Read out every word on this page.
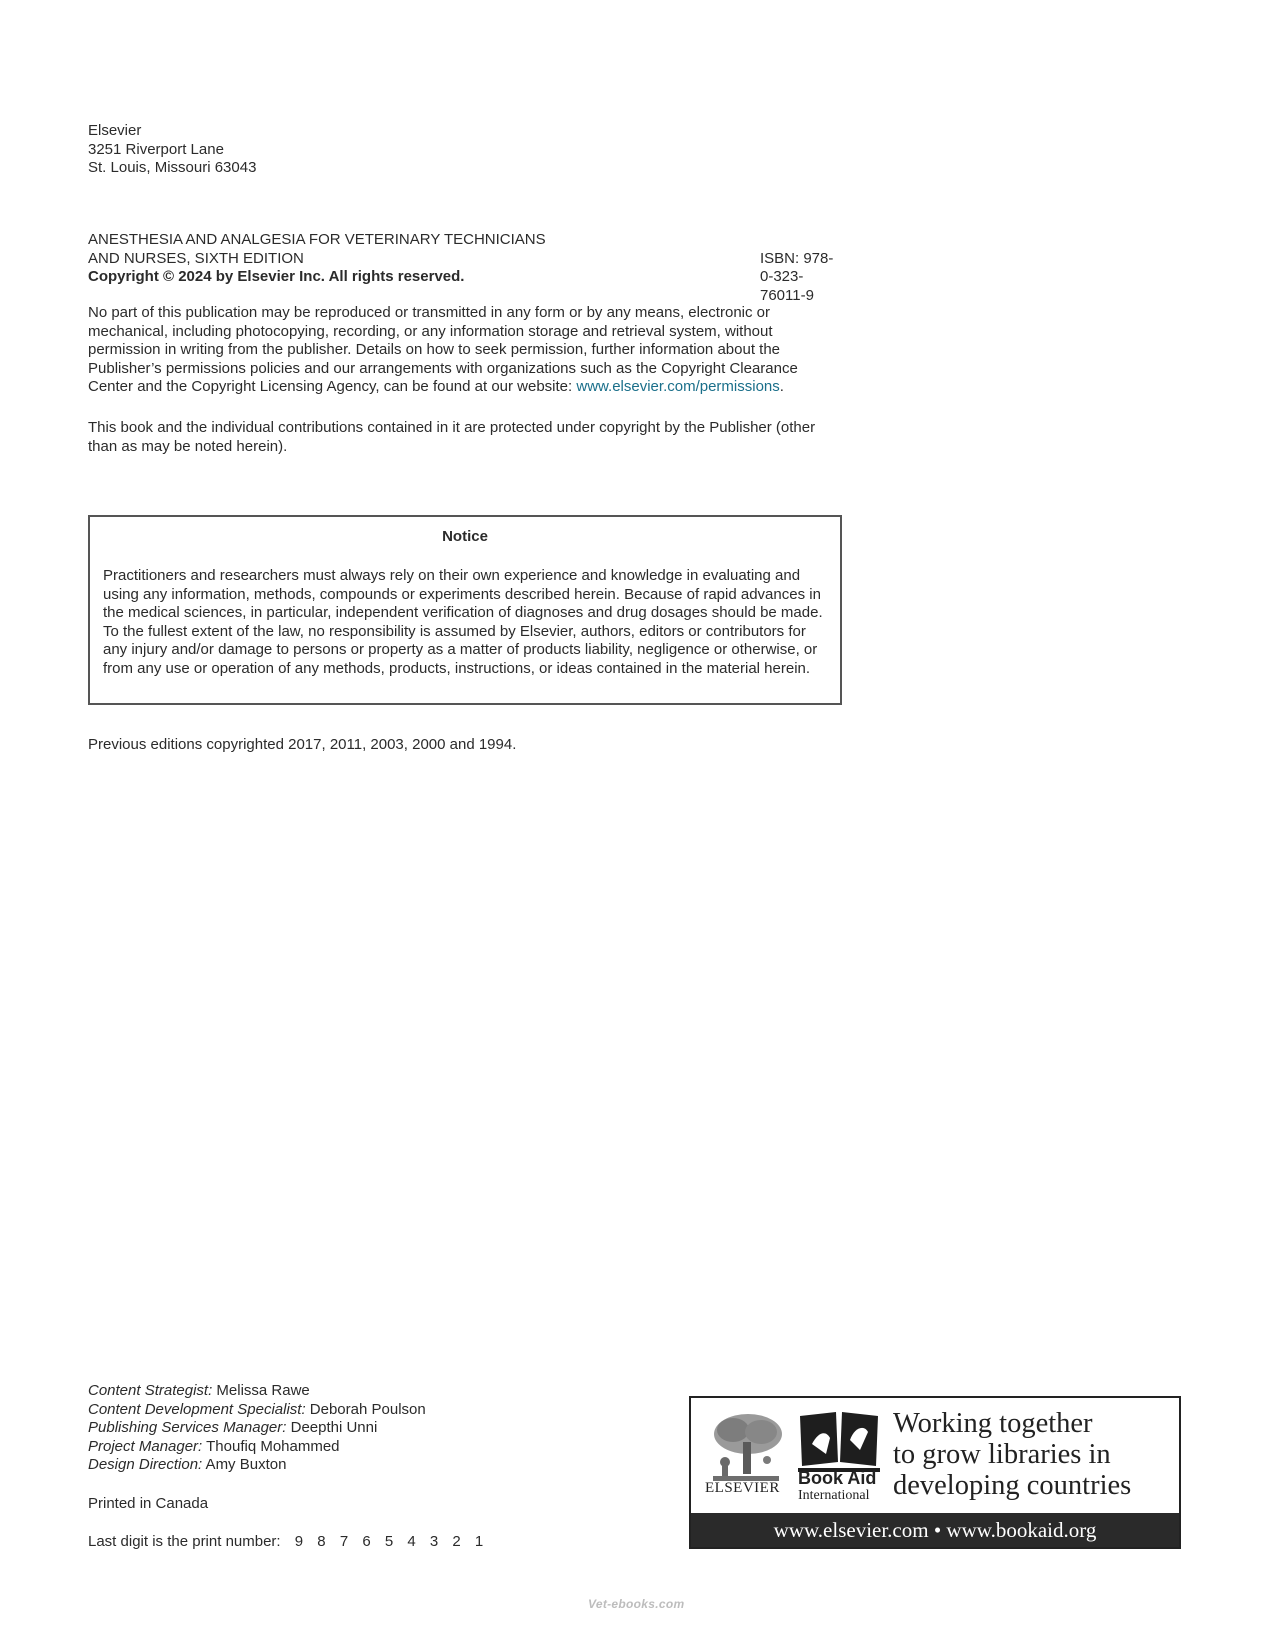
Elsevier
3251 Riverport Lane
St. Louis, Missouri 63043
ANESTHESIA AND ANALGESIA FOR VETERINARY TECHNICIANS
AND NURSES, SIXTH EDITION	ISBN: 978-0-323-76011-9
Copyright © 2024 by Elsevier Inc. All rights reserved.
No part of this publication may be reproduced or transmitted in any form or by any means, electronic or mechanical, including photocopying, recording, or any information storage and retrieval system, without permission in writing from the publisher. Details on how to seek permission, further information about the Publisher’s permissions policies and our arrangements with organizations such as the Copyright Clearance Center and the Copyright Licensing Agency, can be found at our website: www.elsevier.com/permissions.
This book and the individual contributions contained in it are protected under copyright by the Publisher (other than as may be noted herein).
Notice
Practitioners and researchers must always rely on their own experience and knowledge in evaluating and using any information, methods, compounds or experiments described herein. Because of rapid advances in the medical sciences, in particular, independent verification of diagnoses and drug dosages should be made. To the fullest extent of the law, no responsibility is assumed by Elsevier, authors, editors or contributors for any injury and/or damage to persons or property as a matter of products liability, negligence or otherwise, or from any use or operation of any methods, products, instructions, or ideas contained in the material herein.
Previous editions copyrighted 2017, 2011, 2003, 2000 and 1994.
Content Strategist: Melissa Rawe
Content Development Specialist: Deborah Poulson
Publishing Services Manager: Deepthi Unni
Project Manager: Thoufiq Mohammed
Design Direction: Amy Buxton
Printed in Canada
Last digit is the print number: 9 8 7 6 5 4 3 2 1
ELSEVIER Book Aid
International
Working together
to grow libraries in
developing countries
www.elsevier.com • www.bookaid.org
Vet-ebooks.com
